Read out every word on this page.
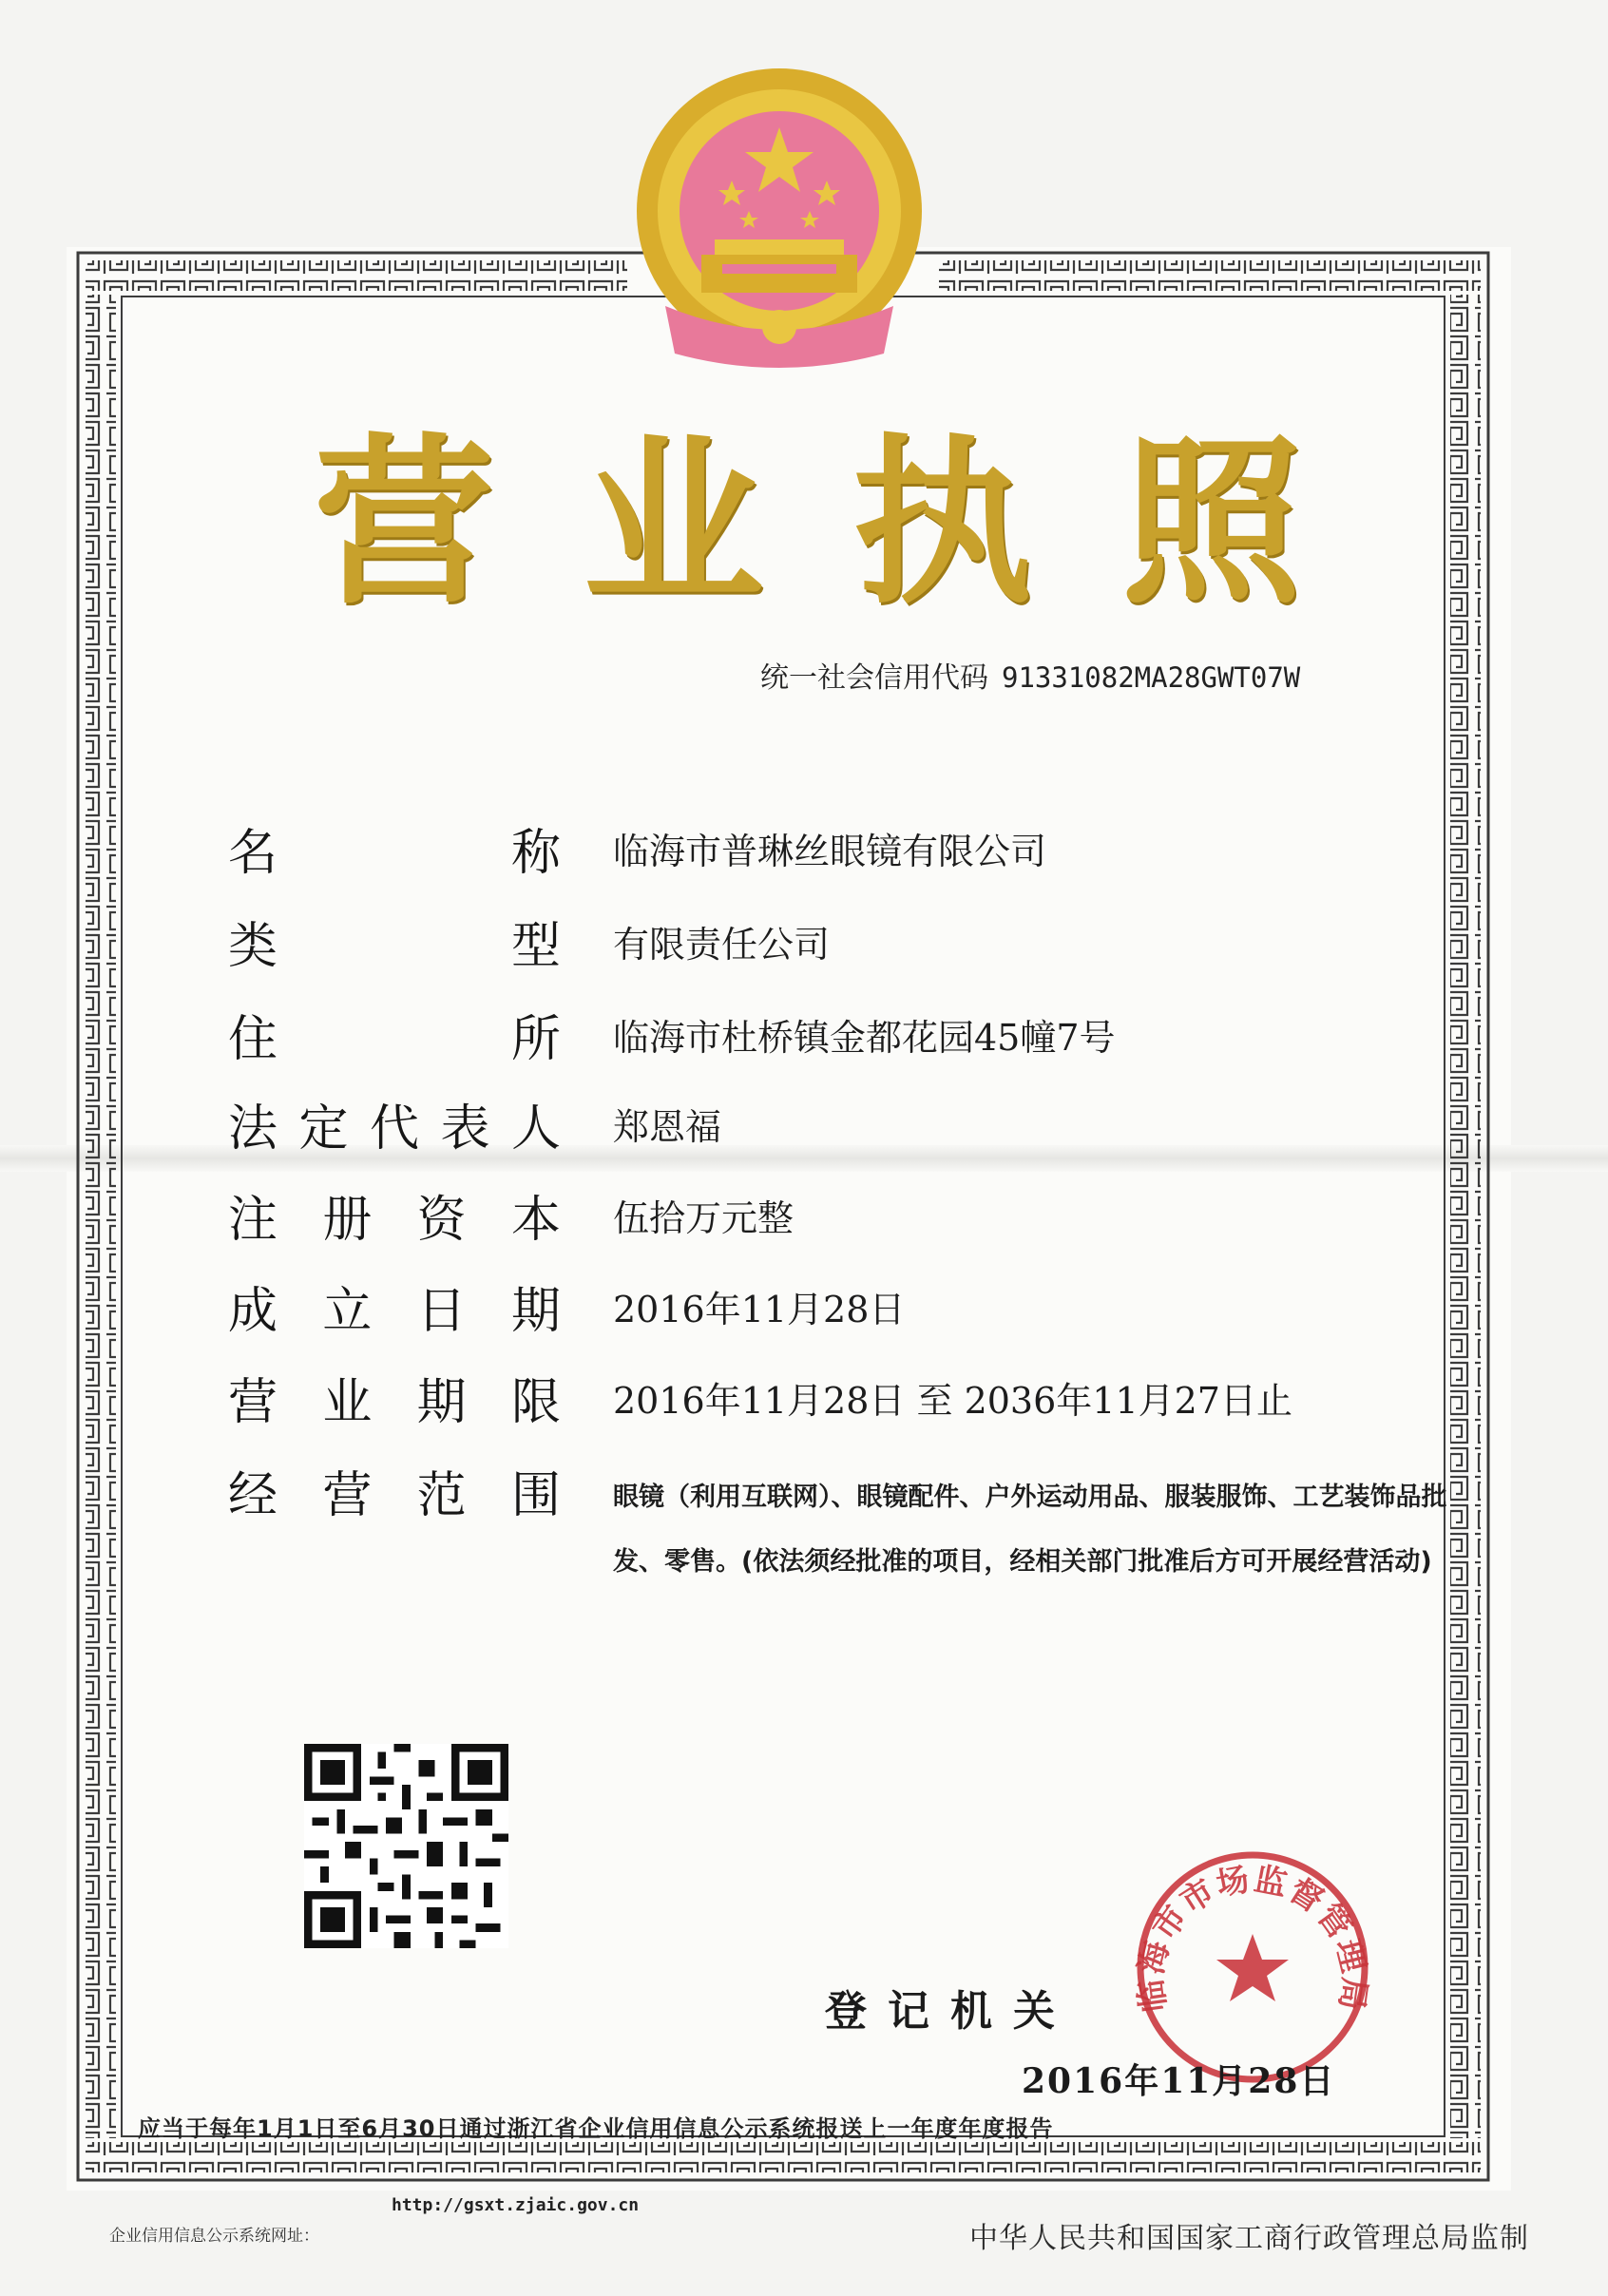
营 业 执 照
统一社会信用代码 91331082MA28GWT07W
名	称 临海市普琳丝眼镜有限公司
类	型 有限责任公司
住	所 临海市杜桥镇金都花园45幢7号
法 定 代 表 人 郑恩福
注 册 资 本 伍拾万元整
成 立 日 期 2016年11月28日
营 业 期 限 2016年11月28日 至 2036年11月27日止
经 营 范 围 眼镜（利用互联网）、眼镜配件、户外运动用品、服装服饰、工艺装饰品批发、零售。(依法须经批准的项目，经相关部门批准后方可开展经营活动)
登记机关 临海市市场监督管理局
2016年11月28日
应当于每年1月1日至6月30日通过浙江省企业信用信息公示系统报送上一年度年度报告
http://gsxt.zjaic.gov.cn
企业信用信息公示系统网址：	中华人民共和国国家工商行政管理总局监制
